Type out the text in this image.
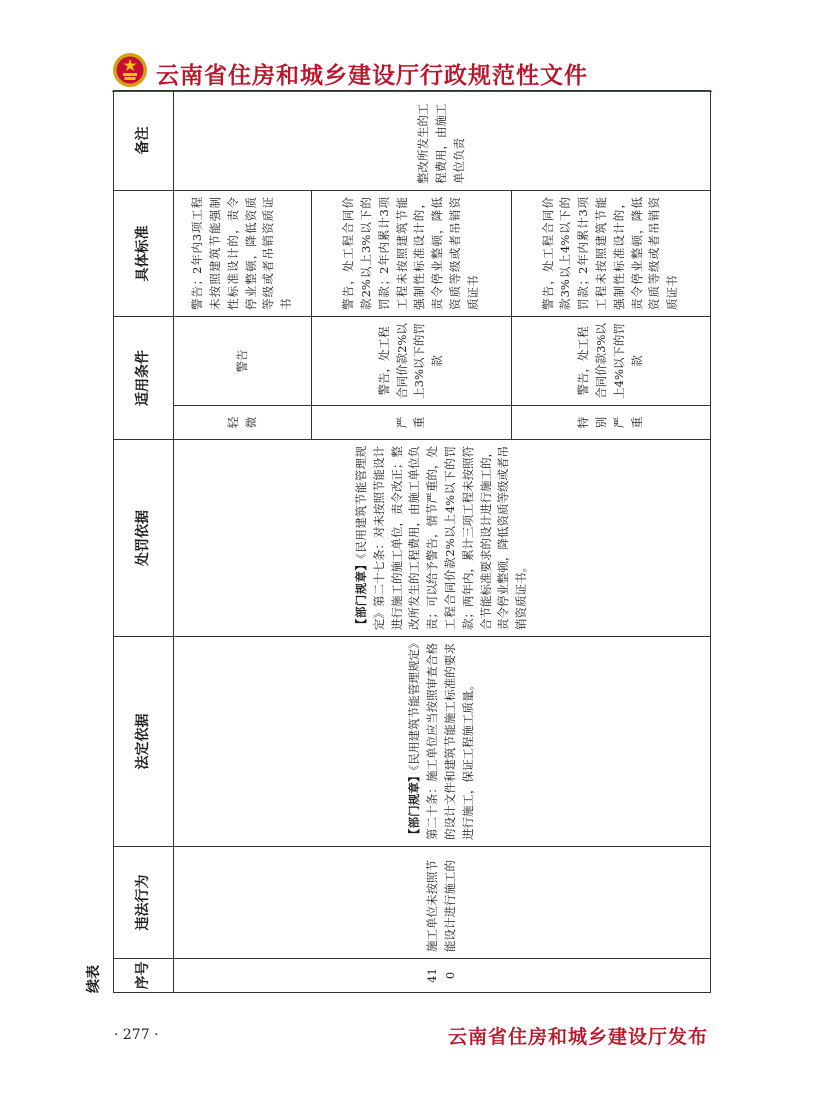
云南省住房和城乡建设厅行政规范性文件
续表 序号	违法行为	法定依据	处罚依据	适用条件		具体标准	备注
410	施工单位未按照节能设计进行施工的	【部门规章】《民用建筑节能管理规定》第二十条：施工单位应当按照审查合格的设计文件和建筑节能施工标准的要求进行施工，保证工程施工质量。	【部门规章】《民用建筑节能管理规定》第二十七条：对未按照节能设计进行施工的施工单位，责令改正；整改所发生的工程费用，由施工单位负责；可以给予警告，情节严重的，处工程合同价款2%以上4%以下的罚款；两年内，累计三项工程未按照符合节能标准要求的设计进行施工的，责令停业整顿，降低资质等级或者吊销资质证书。	轻微	警告	警告；2年内3项工程未按照建筑节能强制性标准设计的，责令停业整顿，降低资质等级或者吊销资质证书	整改所发生的工程费用，由施工单位负责
				严重	警告，处工程合同价款2%以上3%以下的罚款	警告，处工程合同价款2%以上3%以下的罚款；2年内累计3项工程未按照建筑节能强制性标准设计的，责令停业整顿，降低资质等级或者吊销资质证书	
				特别严重	警告，处工程合同价款3%以上4%以下的罚款	警告，处工程合同价款3%以上4%以下的罚款；2年内累计3项工程未按照建筑节能强制性标准设计的，责令停业整顿，降低资质等级或者吊销资质证书	
· 277 ·	云南省住房和城乡建设厅发布
